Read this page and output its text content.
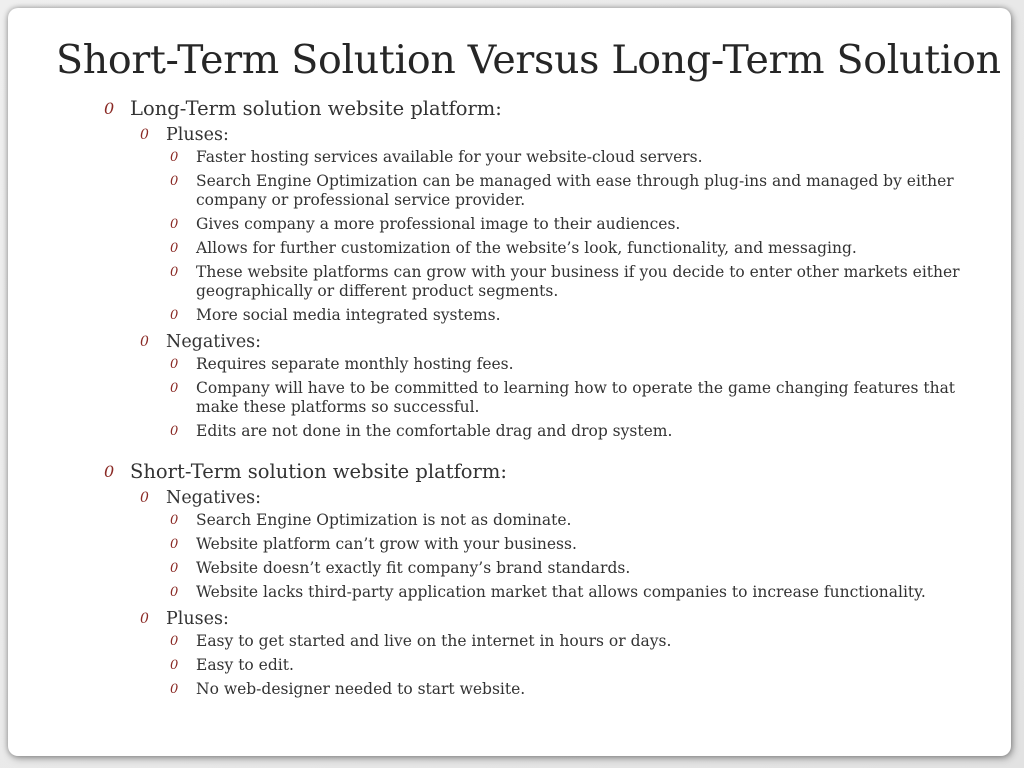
Short-Term Solution Versus Long-Term Solution
0 Long-Term solution website platform:
0 Pluses:
0 Faster hosting services available for your website-cloud servers.
0 Search Engine Optimization can be managed with ease through plug-ins and managed by either company or professional service provider.
0 Gives company a more professional image to their audiences.
0 Allows for further customization of the website’s look, functionality, and messaging.
0 These website platforms can grow with your business if you decide to enter other markets either geographically or different product segments.
0 More social media integrated systems.
0 Negatives:
0 Requires separate monthly hosting fees.
0 Company will have to be committed to learning how to operate the game changing features that make these platforms so successful.
0 Edits are not done in the comfortable drag and drop system.
0 Short-Term solution website platform:
0 Negatives:
0 Search Engine Optimization is not as dominate.
0 Website platform can’t grow with your business.
0 Website doesn’t exactly fit company’s brand standards.
0 Website lacks third-party application market that allows companies to increase functionality.
0 Pluses:
0 Easy to get started and live on the internet in hours or days.
0 Easy to edit.
0 No web-designer needed to start website.
